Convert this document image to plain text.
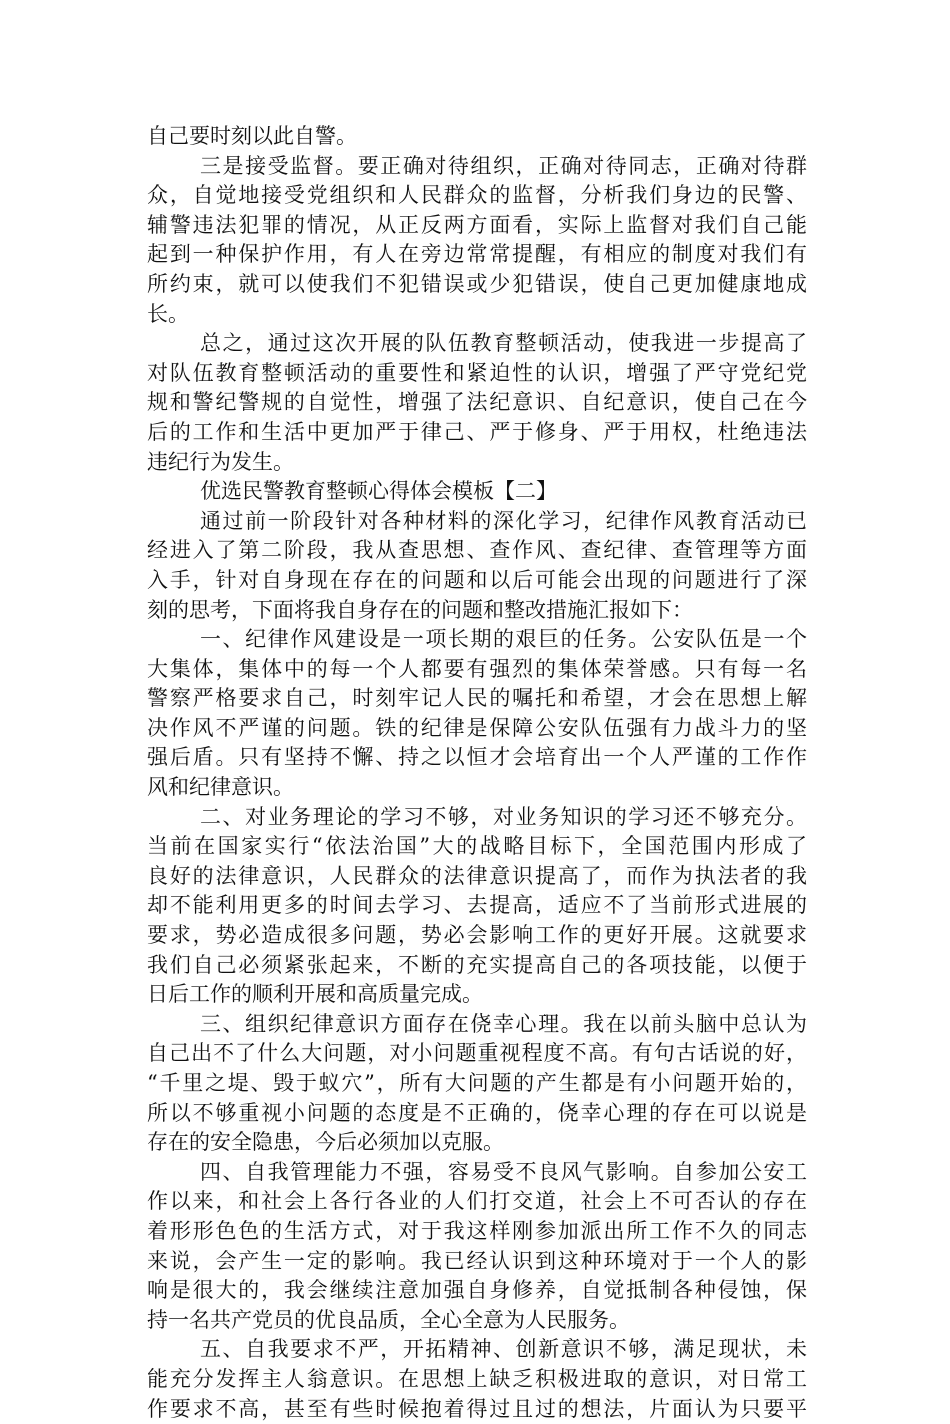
自己要时刻以此自警。

三是接受监督。要正确对待组织，正确对待同志，正确对待群

众，自觉地接受党组织和人民群众的监督，分析我们身边的民警、

辅警违法犯罪的情况，从正反两方面看，实际上监督对我们自己能

起到一种保护作用，有人在旁边常常提醒，有相应的制度对我们有

所约束，就可以使我们不犯错误或少犯错误，使自己更加健康地成

长。

总之，通过这次开展的队伍教育整顿活动，使我进一步提高了

对队伍教育整顿活动的重要性和紧迫性的认识，增强了严守党纪党

规和警纪警规的自觉性，增强了法纪意识、自纪意识，使自己在今

后的工作和生活中更加严于律己、严于修身、严于用权，杜绝违法

违纪行为发生。

优选民警教育整顿心得体会模板【二】

通过前一阶段针对各种材料的深化学习，纪律作风教育活动已

经进入了第二阶段，我从查思想、查作风、查纪律、查管理等方面

入手，针对自身现在存在的问题和以后可能会出现的问题进行了深

刻的思考，下面将我自身存在的问题和整改措施汇报如下：

一、纪律作风建设是一项长期的艰巨的任务。公安队伍是一个

大集体，集体中的每一个人都要有强烈的集体荣誉感。只有每一名

警察严格要求自己，时刻牢记人民的嘱托和希望，才会在思想上解

决作风不严谨的问题。铁的纪律是保障公安队伍强有力战斗力的坚

强后盾。只有坚持不懈、持之以恒才会培育出一个人严谨的工作作

风和纪律意识。

二、对业务理论的学习不够，对业务知识的学习还不够充分。

当前在国家实行“依法治国”大的战略目标下，全国范围内形成了

良好的法律意识，人民群众的法律意识提高了，而作为执法者的我

却不能利用更多的时间去学习、去提高，适应不了当前形式进展的

要求，势必造成很多问题，势必会影响工作的更好开展。这就要求

我们自己必须紧张起来，不断的充实提高自己的各项技能，以便于

日后工作的顺利开展和高质量完成。

三、组织纪律意识方面存在侥幸心理。我在以前头脑中总认为

自己出不了什么大问题，对小问题重视程度不高。有句古话说的好，

“千里之堤、毁于蚁穴”，所有大问题的产生都是有小问题开始的，

所以不够重视小问题的态度是不正确的，侥幸心理的存在可以说是

存在的安全隐患，今后必须加以克服。

四、自我管理能力不强，容易受不良风气影响。自参加公安工

作以来，和社会上各行各业的人们打交道，社会上不可否认的存在

着形形色色的生活方式，对于我这样刚参加派出所工作不久的同志

来说，会产生一定的影响。我已经认识到这种环境对于一个人的影

响是很大的，我会继续注意加强自身修养，自觉抵制各种侵蚀，保

持一名共产党员的优良品质，全心全意为人民服务。

五、自我要求不严，开拓精神、创新意识不够，满足现状，未

能充分发挥主人翁意识。在思想上缺乏积极进取的意识，对日常工

作要求不高，甚至有些时候抱着得过且过的想法，片面认为只要平
